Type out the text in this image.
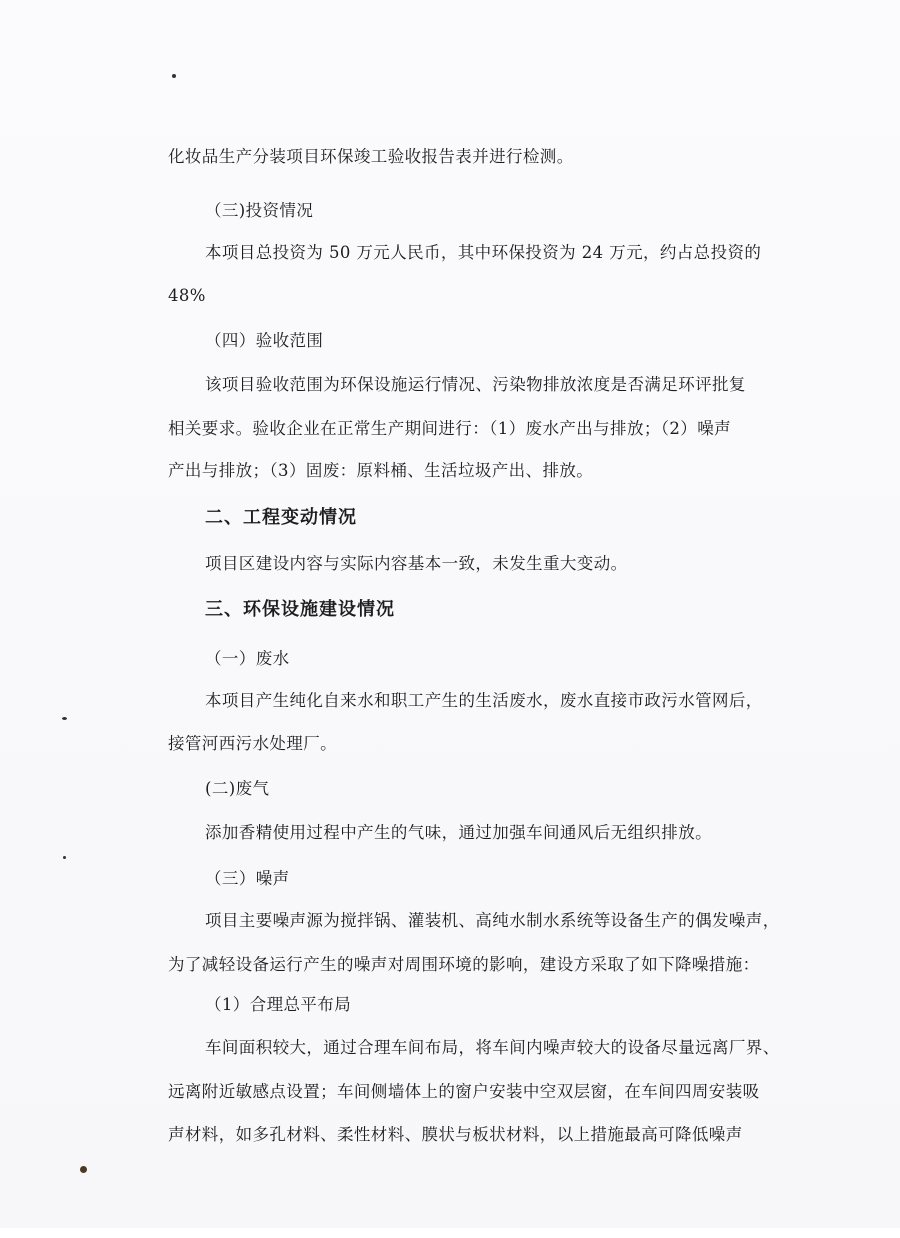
化妆品生产分装项目环保竣工验收报告表并进行检测。
（三)投资情况
本项目总投资为 50 万元人民币，其中环保投资为 24 万元，约占总投资的
48%
（四）验收范围
该项目验收范围为环保设施运行情况、污染物排放浓度是否满足环评批复
相关要求。验收企业在正常生产期间进行：（1）废水产出与排放；（2）噪声
产出与排放；（3）固废：原料桶、生活垃圾产出、排放。
二、工程变动情况
项目区建设内容与实际内容基本一致，未发生重大变动。
三、环保设施建设情况
（一）废水
本项目产生纯化自来水和职工产生的生活废水，废水直接市政污水管网后，
接管河西污水处理厂。
(二)废气
添加香精使用过程中产生的气味，通过加强车间通风后无组织排放。
（三）噪声
项目主要噪声源为搅拌锅、灌装机、高纯水制水系统等设备生产的偶发噪声，
为了减轻设备运行产生的噪声对周围环境的影响，建设方采取了如下降噪措施：
（1）合理总平布局
车间面积较大，通过合理车间布局，将车间内噪声较大的设备尽量远离厂界、
远离附近敏感点设置；车间侧墙体上的窗户安装中空双层窗，在车间四周安装吸
声材料，如多孔材料、柔性材料、膜状与板状材料，以上措施最高可降低噪声
